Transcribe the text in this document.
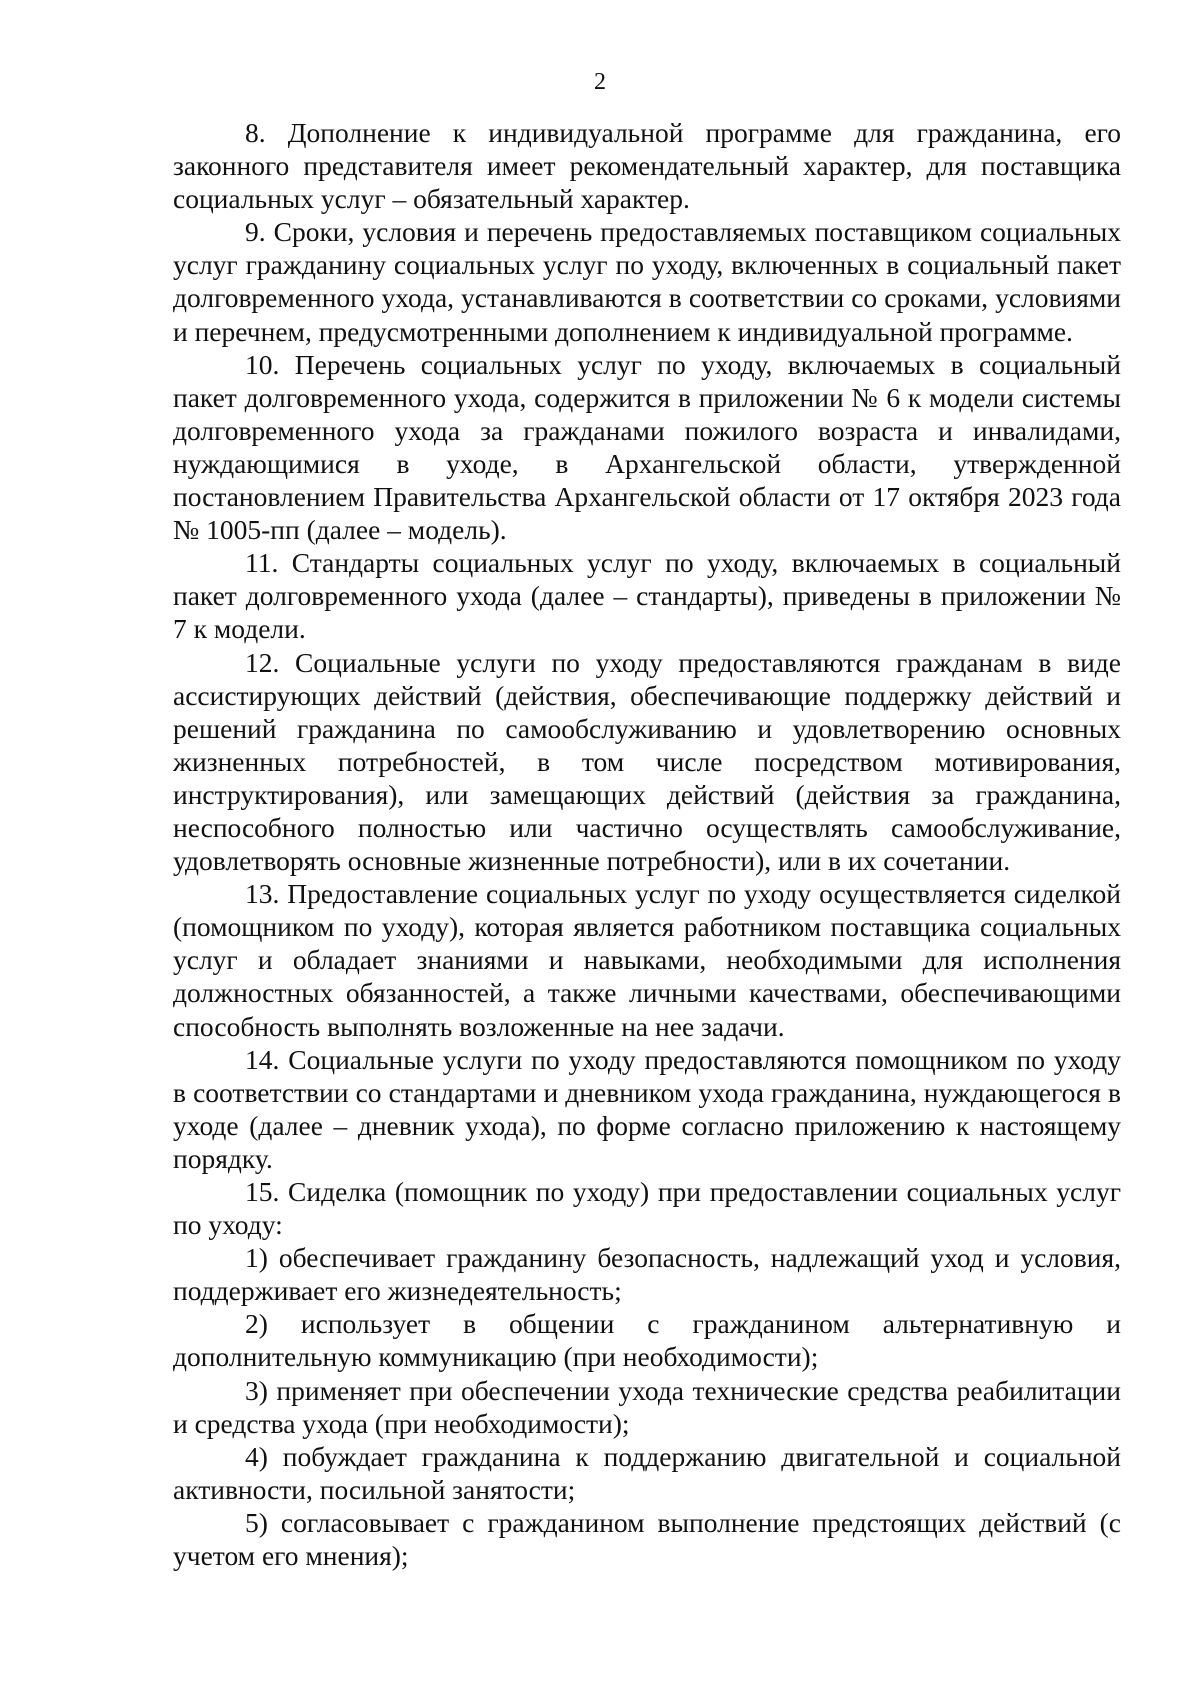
2

8. Дополнение к индивидуальной программе для гражданина, его законного представителя имеет рекомендательный характер, для поставщика социальных услуг – обязательный характер.

9. Сроки, условия и перечень предоставляемых поставщиком социальных услуг гражданину социальных услуг по уходу, включенных в социальный пакет долговременного ухода, устанавливаются в соответствии со сроками, условиями и перечнем, предусмотренными дополнением к индивидуальной программе.

10. Перечень социальных услуг по уходу, включаемых в социальный пакет долговременного ухода, содержится в приложении № 6 к модели системы долговременного ухода за гражданами пожилого возраста и инвалидами, нуждающимися в уходе, в Архангельской области, утвержденной постановлением Правительства Архангельской области от 17 октября 2023 года № 1005-пп (далее – модель).

11. Стандарты социальных услуг по уходу, включаемых в социальный пакет долговременного ухода (далее – стандарты), приведены в приложении № 7 к модели.

12. Социальные услуги по уходу предоставляются гражданам в виде ассистирующих действий (действия, обеспечивающие поддержку действий и решений гражданина по самообслуживанию и удовлетворению основных жизненных потребностей, в том числе посредством мотивирования, инструктирования), или замещающих действий (действия за гражданина, неспособного полностью или частично осуществлять самообслуживание, удовлетворять основные жизненные потребности), или в их сочетании.

13. Предоставление социальных услуг по уходу осуществляется сиделкой (помощником по уходу), которая является работником поставщика социальных услуг и обладает знаниями и навыками, необходимыми для исполнения должностных обязанностей, а также личными качествами, обеспечивающими способность выполнять возложенные на нее задачи.

14. Социальные услуги по уходу предоставляются помощником по уходу в соответствии со стандартами и дневником ухода гражданина, нуждающегося в уходе (далее – дневник ухода), по форме согласно приложению к настоящему порядку.

15. Сиделка (помощник по уходу) при предоставлении социальных услуг по уходу:

1) обеспечивает гражданину безопасность, надлежащий уход и условия, поддерживает его жизнедеятельность;

2) использует в общении с гражданином альтернативную и дополнительную коммуникацию (при необходимости);

3) применяет при обеспечении ухода технические средства реабилитации и средства ухода (при необходимости);

4) побуждает гражданина к поддержанию двигательной и социальной активности, посильной занятости;

5) согласовывает с гражданином выполнение предстоящих действий (с учетом его мнения);
